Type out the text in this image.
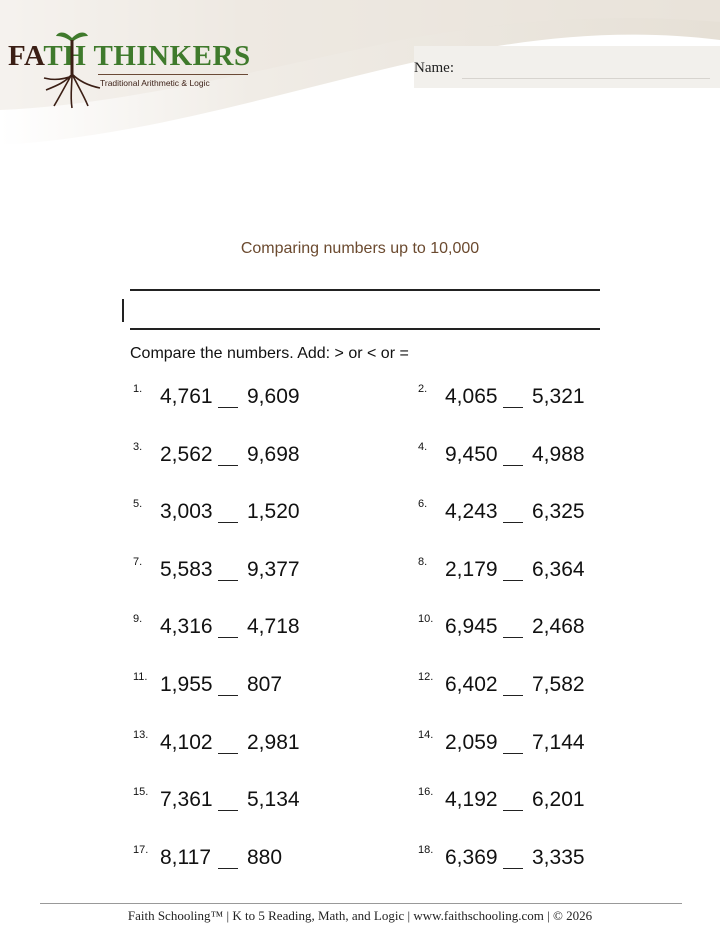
FATH THINKERS
Traditional Arithmetic & Logic
Name:
Comparing numbers up to 10,000
Compare the numbers. Add: > or < or =
1. 4,761 9,609	2. 4,065 5,321
3. 2,562 9,698	4. 9,450 4,988
5. 3,003 1,520	6. 4,243 6,325
7. 5,583 9,377	8. 2,179 6,364
9. 4,316 4,718	10. 6,945 2,468
11. 1,955 807	12. 6,402 7,582
13. 4,102 2,981	14. 2,059 7,144
15. 7,361 5,134	16. 4,192 6,201
17. 8,117 880	18. 6,369 3,335
Faith Schooling™ | K to 5 Reading, Math, and Logic | www.faithschooling.com | © 2026
